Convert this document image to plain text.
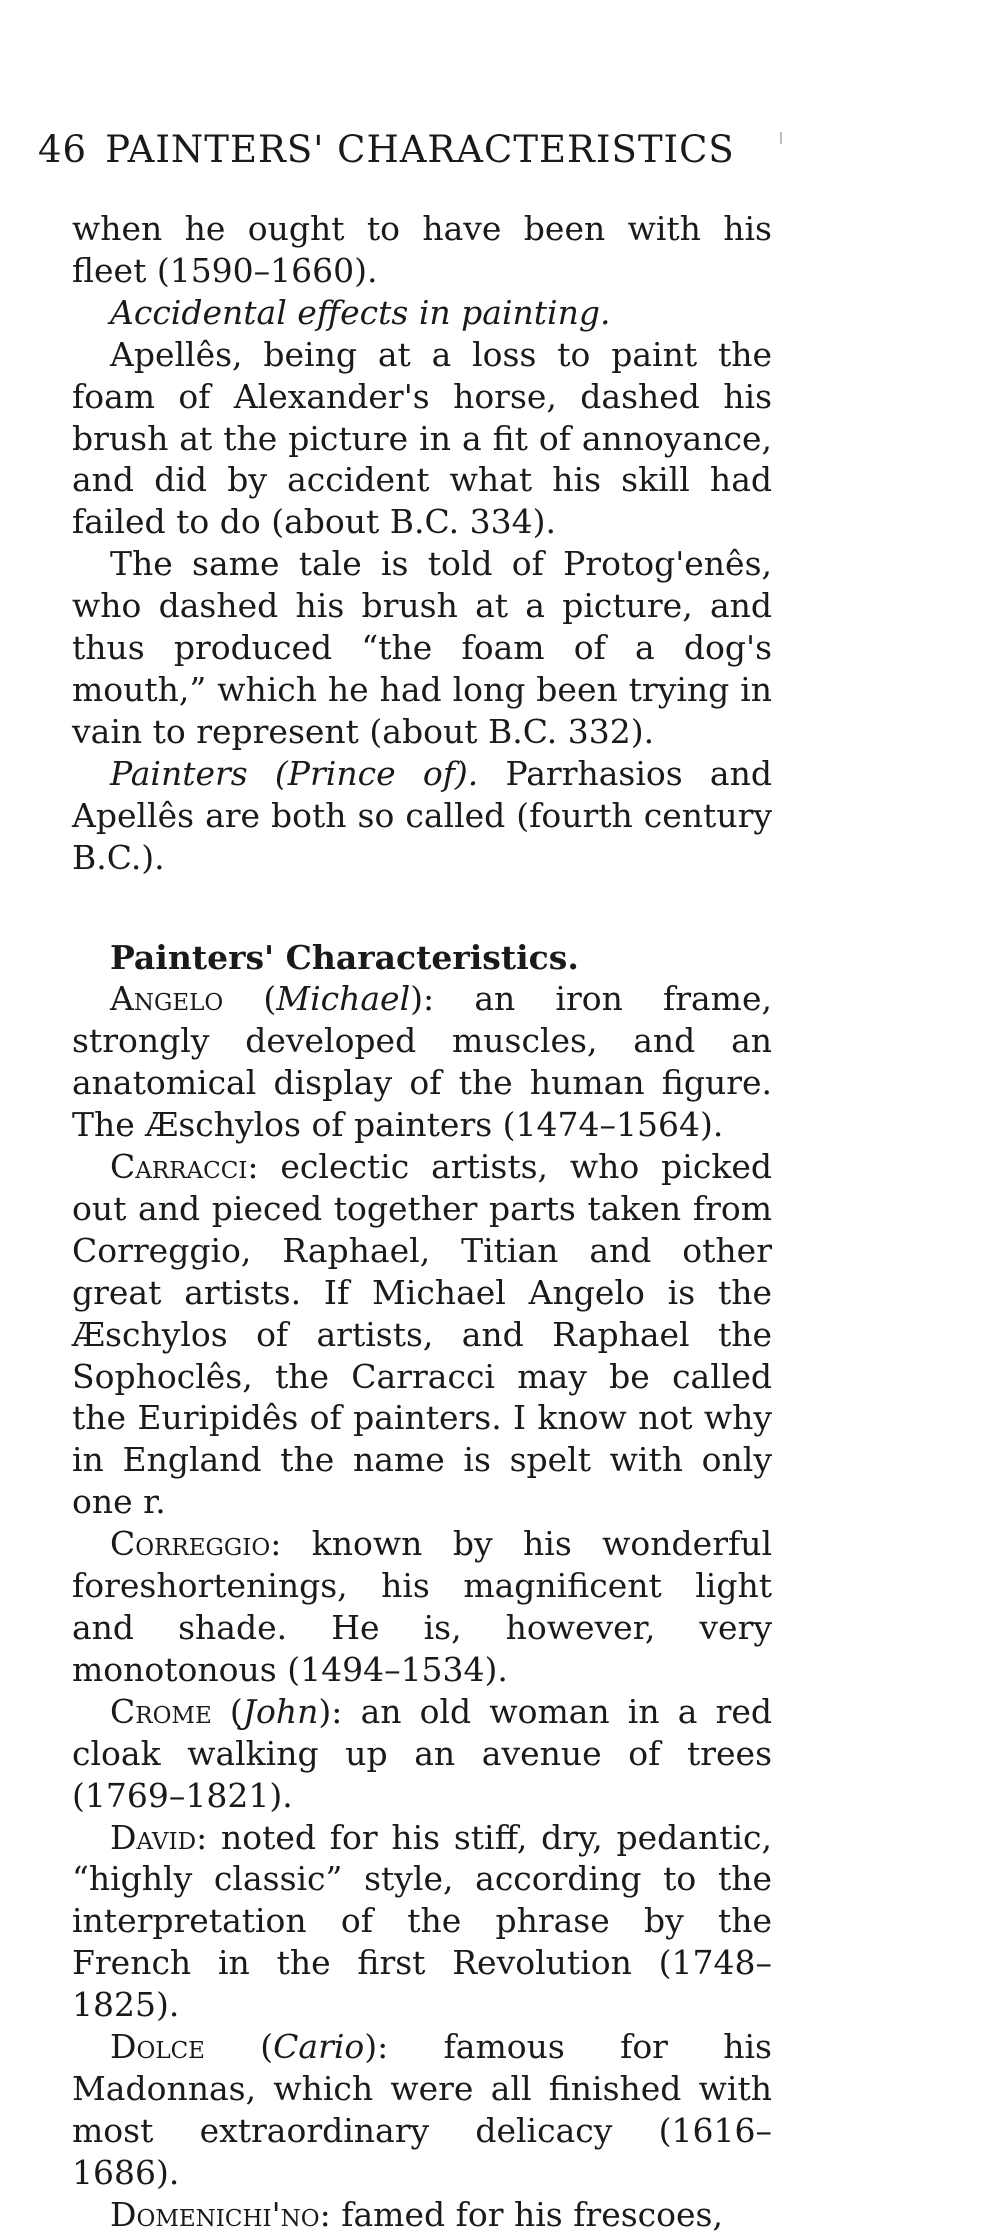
46 PAINTERS' CHARACTERISTICS

when he ought to have been with his fleet (1590–1660).

Accidental effects in painting.

Apellês, being at a loss to paint the foam of Alexander's horse, dashed his brush at the picture in a fit of annoyance, and did by accident what his skill had failed to do (about B.C. 334).

The same tale is told of Protog'enês, who dashed his brush at a picture, and thus produced “the foam of a dog's mouth,” which he had long been trying in vain to represent (about B.C. 332).

Painters (Prince of). Parrhasios and Apellês are both so called (fourth century B.C.).

Painters' Characteristics.

Angelo (Michael): an iron frame, strongly developed muscles, and an anatomical display of the human figure. The Æschylos of painters (1474–1564).

Carracci: eclectic artists, who picked out and pieced together parts taken from Correggio, Raphael, Titian and other great artists. If Michael Angelo is the Æschylos of artists, and Raphael the Sophoclês, the Carracci may be called the Euripidês of painters. I know not why in England the name is spelt with only one r.

Correggio: known by his wonderful foreshortenings, his magnificent light and shade. He is, however, very monotonous (1494–1534).

Crome (John): an old woman in a red cloak walking up an avenue of trees (1769–1821).

David: noted for his stiff, dry, pedantic, “highly classic” style, according to the interpretation of the phrase by the French in the first Revolution (1748–1825).

Dolce (Cario): famous for his Madonnas, which were all finished with most extraordinary delicacy (1616–1686).

Domenichi'no: famed for his frescoes,
